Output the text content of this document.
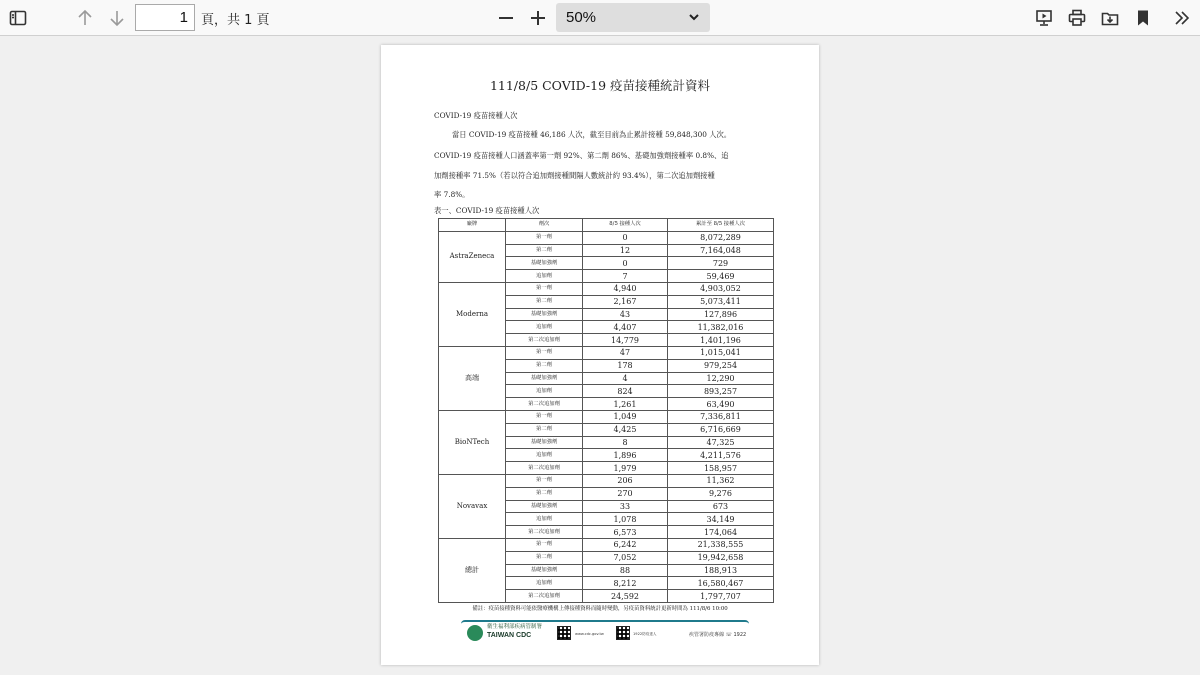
1	頁，共 1 頁	50%
111/8/5 COVID-19 疫苗接種統計資料
COVID-19 疫苗接種人次
當日 COVID-19 疫苗接種 46,186 人次，截至目前為止累計接種 59,848,300 人次。
COVID-19 疫苗接種人口涵蓋率第一劑 92%、第二劑 86%、基礎加強劑接種率 0.8%、追
加劑接種率 71.5%（若以符合追加劑接種間隔人數統計約 93.4%），第二次追加劑接種
率 7.8%。
表一、COVID-19 疫苗接種人次
廠牌	劑次	8/5 接種人次	累計至 8/5 接種人次
AstraZeneca	第一劑	0	8,072,289
	第二劑	12	7,164,048
	基礎加強劑	0	729
	追加劑	7	59,469
Moderna	第一劑	4,940	4,903,052
	第二劑	2,167	5,073,411
	基礎加強劑	43	127,896
	追加劑	4,407	11,382,016
	第二次追加劑	14,779	1,401,196
高端	第一劑	47	1,015,041
	第二劑	178	979,254
	基礎加強劑	4	12,290
	追加劑	824	893,257
	第二次追加劑	1,261	63,490
BioNTech	第一劑	1,049	7,336,811
	第二劑	4,425	6,716,669
	基礎加強劑	8	47,325
	追加劑	1,896	4,211,576
	第二次追加劑	1,979	158,957
Novavax	第一劑	206	11,362
	第二劑	270	9,276
	基礎加強劑	33	673
	追加劑	1,078	34,149
	第二次追加劑	6,573	174,064
總計	第一劑	6,242	21,338,555
	第二劑	7,052	19,942,658
	基礎加強劑	88	188,913
	追加劑	8,212	16,580,467
	第二次追加劑	24,592	1,797,707
備註：疫苗接種資料可能依醫療機構上傳接種資料而隨時變動，另疫苗資料統計更新時間為 111/8/6 10:00
衛生福利部疾病管制署
TAIWAN CDC	www.cdc.gov.tw	1922防疫達人	疾管署防疫專線 ☏ 1922
